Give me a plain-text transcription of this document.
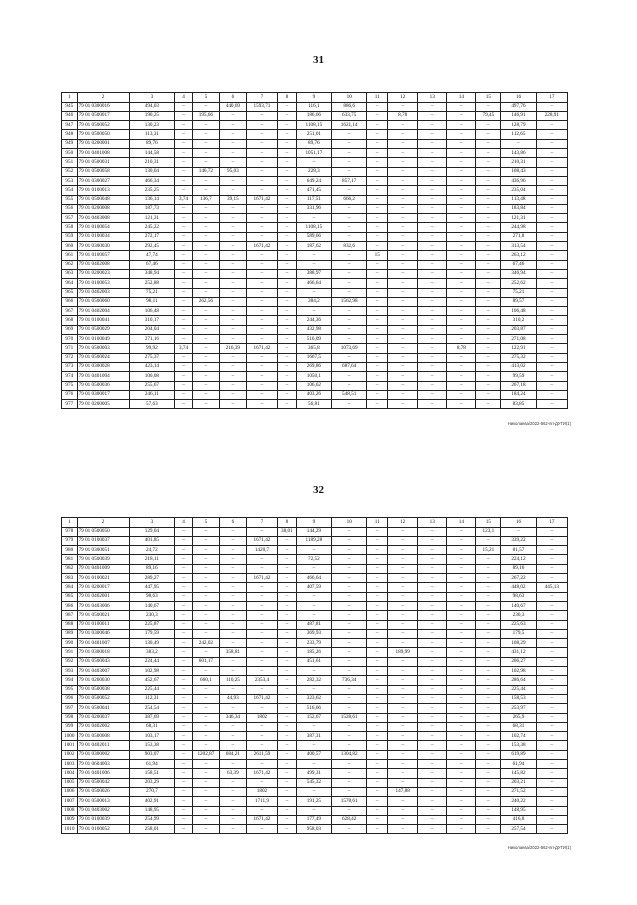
31
1	2	3	4	5	6	7	8	9	10	11	12	13	14	15	16	17
945	79 01 0300016	494,03	–	–	440,69	1593,71	–	116,1	886,6	–	–	–	–	–	497,76	–
946	79 01 0500017	190,25	–	195,66	–	–	–	186,66	633,75	–	8,78	–	–	79,45	146,91	228,91
947	79 01 0500052	130,23	–	–	–	–	–	1108,15	1621,14	–	–	–	–	–	128,79	–
948	79 01 0500050	113,31	–	–	–	–	–	251,01	–	–	–	–	–	–	112,65	–
949	79 01 0200001	89,76	–	–	–	–	–	89,76	–	–	–	–	–	–	–	–
950	79 01 0401008	144,58	–	–	–	–	–	1051,17	–	–	–	–	–	–	143,86	–
951	79 01 0500031	210,31	–	–	–	–	–	–	–	–	–	–	–	–	210,31	–
952	79 01 0500058	130,04	–	146,72	95,03	–	–	228,3	–	–	–	–	–	–	108,43	–
953	79 01 0300027	466,34	–	–	–	–	–	649,24	857,17	–	–	–	–	–	436,96	–
954	79 01 0100013	235,25	–	–	–	–	–	471,45	–	–	–	–	–	–	235,04	–
955	79 01 0500048	136,14	3,74	136,7	39,15	1671,42	–	117,51	666,2	–	–	–	–	–	113,48	–
956	79 01 0200008	187,73	–	–	–	–	–	331,96	–	–	–	–	–	–	183,84	–
957	79 01 0403008	121,31	–	–	–	–	–	–	–	–	–	–	–	–	121,31	–
958	79 01 0100054	245,22	–	–	–	–	–	1108,15	–	–	–	–	–	–	244,98	–
959	79 01 0100034	272,17	–	–	–	–	–	589,66	–	–	–	–	–	–	271,8	–
960	79 01 0300030	292,45	–	–	–	1671,42	–	187,62	832,6	–	–	–	–	–	313,54	–
961	79 01 0100057	47,74	–	–	–	–	–	–	–	15	–	–	–	–	263,12	–
962	79 01 0402008	67,46	–	–	–	–	–	–	–	–	–	–	–	–	67,46	–
963	79 01 0200023	348,94	–	–	–	–	–	388,97	–	–	–	–	–	–	346,94	–
964	79 01 0100053	252,88	–	–	–	–	–	466,64	–	–	–	–	–	–	252,62	–
965	79 01 0402003	75,21	–	–	–	–	–	–	–	–	–	–	–	–	75,21	–
966	79 01 0500060	98,11	–	262,56	–	–	–	384,2	1562,98	–	–	–	–	–	89,57	–
967	79 01 0402004	106,48	–	–	–	–	–	–	–	–	–	–	–	–	106,48	–
968	79 01 0100041	310,17	–	–	–	–	–	244,36	–	–	–	–	–	–	310,2	–
969	79 01 0500029	204,04	–	–	–	–	–	432,98	–	–	–	–	–	–	203,87	–
970	79 01 0100049	271,16	–	–	–	–	–	516,09	–	–	–	–	–	–	271,08	–
971	79 01 0500003	99,92	3,74	–	216,39	1671,42	–	365,8	1073,69	–	–	–	8,78	–	122,91	–
972	79 01 0500024	275,37	–	–	–	–	–	1667,5	–	–	–	–	–	–	275,32	–
973	79 01 0300028	423,14	–	–	–	–	–	269,86	687,64	–	–	–	–	–	413,02	–
974	79 01 0401004	100,08	–	–	–	–	–	1050,1	–	–	–	–	–	–	99,59	–
975	79 01 0500036	255,67	–	–	–	–	–	106,62	–	–	–	–	–	–	267,18	–
976	79 01 0300017	246,11	–	–	–	–	–	403,26	548,51	–	–	–	–	–	184,24	–
977	79 01 0200005	57,63	–	–	–	–	–	56,81	–	–	–	–	–	–	83,85	–
Николаева/2022-562-пп-ДУГИ(1)
32
1	2	3	4	5	6	7	8	9	10	11	12	13	14	15	16	17
978	79 01 0500050	129,04	–	–	–	–	38,01	144,29	–	–	–	–	–	123,1	–	–
979	79 01 0100037	401,85	–	–	–	1671,42	–	1189,28	–	–	–	–	–	–	339,22	–
980	79 01 0300051	24,72	–	–	–	1420,7	–	–	–	–	–	–	–	15,21	81,57	–
981	79 01 0500039	218,11	–	–	–	–	–	72,52	–	–	–	–	–	–	224,12	–
982	79 01 0401009	89,16	–	–	–	–	–	–	–	–	–	–	–	–	89,16	–
983	79 01 0100021	289,27	–	–	–	1671,42	–	466,64	–	–	–	–	–	–	267,22	–
984	79 01 0200017	447,95	–	–	–	–	–	407,59	–	–	–	–	–	–	448,02	445,13
985	79 01 0402001	98,63	–	–	–	–	–	–	–	–	–	–	–	–	98,63	–
986	79 01 0403006	140,67	–	–	–	–	–	–	–	–	–	–	–	–	140,67	–
987	79 01 0500021	230,3	–	–	–	–	–	–	–	–	–	–	–	–	230,3	–
988	79 01 0100011	225,87	–	–	–	–	–	487,81	–	–	–	–	–	–	225,63	–
989	79 01 0300046	179,59	–	–	–	–	–	369,93	–	–	–	–	–	–	179,5	–
990	79 01 0401007	130,49	–	242,02	–	–	–	233,79	–	–	–	–	–	–	108,29	–
991	79 01 0300018	383,2	–	–	358,81	–	–	185,26	–	–	189,99	–	–	–	431,12	–
992	79 01 0500043	224,44	–	601,17	–	–	–	451,61	–	–	–	–	–	–	206,27	–
993	79 01 0403007	102,98	–	–	–	–	–	–	–	–	–	–	–	–	102,98	–
994	79 01 0200030	452,67	–	660,1	110,25	2353,4	–	282,32	736,34	–	–	–	–	–	286,64	–
995	79 01 0500038	225,44	–	–	–	–	–	–	–	–	–	–	–	–	225,44	–
996	79 01 0500052	112,31	–	–	44,93	1671,42	–	323,62	–	–	–	–	–	–	158,53	–
997	79 01 0500041	254,54	–	–	–	–	–	516,66	–	–	–	–	–	–	253,97	–
998	79 01 0200037	387,69	–	–	346,34	1802	–	152,67	1528,61	–	–	–	–	–	265,9	–
999	79 01 0402002	68,31	–	–	–	–	–	–	–	–	–	–	–	–	68,31	–
1000	79 01 0500008	103,17	–	–	–	–	–	387,31	–	–	–	–	–	–	102,74	–
1001	79 01 0402011	153,38	–	–	–	–	–	–	–	–	–	–	–	–	153,38	–
1002	79 01 0300002	903,07	–	1202,87	684,21	2611,59	–	400,57	1304,82	–	–	–	–	–	619,89	–
1003	79 01 0604003	61,94	–	–	–	–	–	–	–	–	–	–	–	–	61,94	–
1004	79 01 0401006	158,51	–	–	63,39	1671,42	–	499,31	–	–	–	–	–	–	145,82	–
1005	79 01 0500042	203,29	–	–	–	–	–	545,32	–	–	–	–	–	–	203,21	–
1006	79 01 0500026	270,7	–	–	–	1802	–	–	–	–	147,88	–	–	–	271,52	–
1007	79 01 0500013	402,91	–	–	–	1711,9	–	191,25	1578,61	–	–	–	–	–	240,22	–
1008	79 01 0403002	148,95	–	–	–	–	–	–	–	–	–	–	–	–	148,95	–
1009	79 01 0100039	254,99	–	–	–	1671,42	–	177,49	628,42	–	–	–	–	–	416,8	–
1010	79 01 0100052	258,01	–	–	–	–	–	958,03	–	–	–	–	–	–	257,54	–
Николаева/2022-562-пп-ДУГИ(1)
